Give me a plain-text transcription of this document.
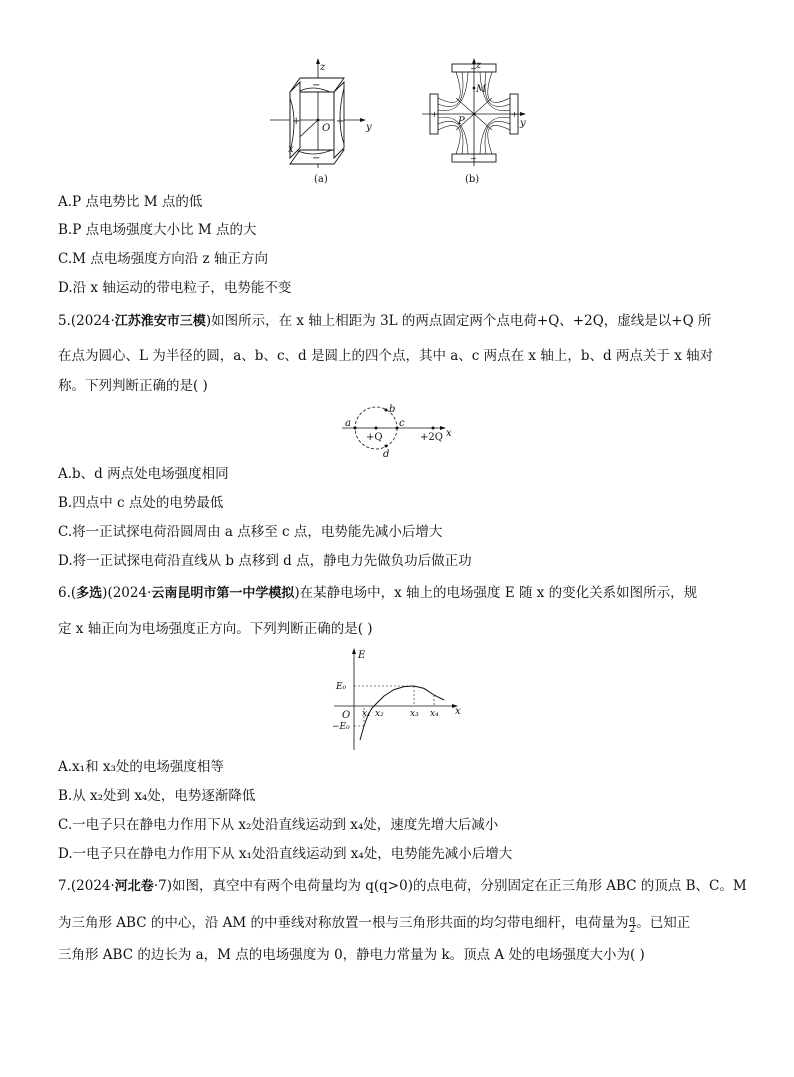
z
y
x
O
−
−
+	+
(a)
z
y
M
P
−
−
+	+
(b)
A.P 点电势比 M 点的低
B.P 点电场强度大小比 M 点的大
C.M 点电场强度方向沿 z 轴正方向
D.沿 x 轴运动的带电粒子，电势能不变
5.(2024·江苏淮安市三模)如图所示，在 x 轴上相距为 3L 的两点固定两个点电荷+Q、+2Q，虚线是以+Q 所
在点为圆心、L 为半径的圆，a、b、c、d 是圆上的四个点，其中 a、c 两点在 x 轴上，b、d 两点关于 x 轴对
称。下列判断正确的是( )
a
b
c
d
+Q	+2Q x
A.b、d 两点处电场强度相同
B.四点中 c 点处的电势最低
C.将一正试探电荷沿圆周由 a 点移至 c 点，电势能先减小后增大
D.将一正试探电荷沿直线从 b 点移到 d 点，静电力先做负功后做正功
6.(多选)(2024·云南昆明市第一中学模拟)在某静电场中，x 轴上的电场强度 E 随 x 的变化关系如图所示，规
定 x 轴正向为电场强度正方向。下列判断正确的是( )
E
x
O
E₀
−E₀
x₁ x₂	x₃ x₄
A.x₁和 x₃处的电场强度相等
B.从 x₂处到 x₄处，电势逐渐降低
C.一电子只在静电力作用下从 x₂处沿直线运动到 x₄处，速度先增大后减小
D.一电子只在静电力作用下从 x₁处沿直线运动到 x₄处，电势能先减小后增大
7.(2024·河北卷·7)如图，真空中有两个电荷量均为 q(q>0)的点电荷，分别固定在正三角形 ABC 的顶点 B、C。M
为三角形 ABC 的中心，沿 AM 的中垂线对称放置一根与三角形共面的均匀带电细杆，电荷量为 $\frac{q}{2}$ 。已知正
三角形 ABC 的边长为 a，M 点的电场强度为 0，静电力常量为 k。顶点 A 处的电场强度大小为( )
